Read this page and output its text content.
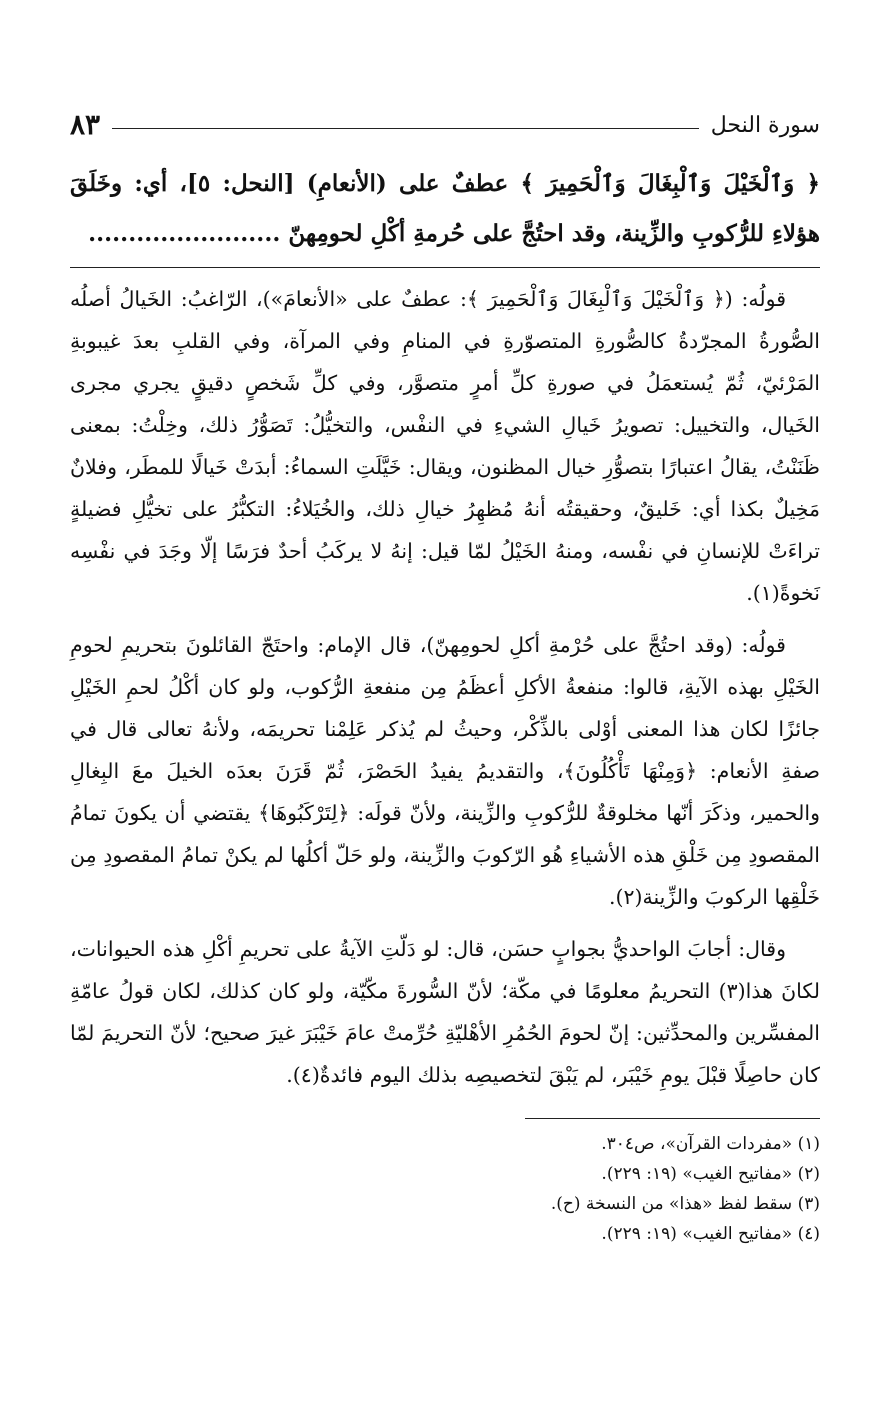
سورة النحل
٨٣
﴿ وَٱلْخَيْلَ وَٱلْبِغَالَ وَٱلْحَمِيرَ ﴾ عطفٌ على (الأنعامِ) [النحل: ٥]، أي: وخَلَقَ هؤلاءِ للرُّكوبِ والزِّينة، وقد احتُجَّ على حُرمةِ أكْلِ لحومِهنّ ........................

قولُه: (﴿ وَٱلْخَيْلَ وَٱلْبِغَالَ وَٱلْحَمِيرَ ﴾: عطفٌ على «الأنعامَ»)، الرّاغبُ: الخَيالُ أصلُه الصُّورةُ المجرّدةُ كالصُّورةِ المتصوّرةِ في المنامِ وفي المرآة، وفي القلبِ بعدَ غيبوبةِ المَرْئيّ، ثُمّ يُستعمَلُ في صورةِ كلِّ أمرٍ متصوَّر، وفي كلِّ شَخصٍ دقيقٍ يجري مجرى الخَيال، والتخييل: تصويرُ خَيالِ الشيءِ في النفْس، والتخيُّلُ: تَصَوُّرُ ذلك، وخِلْتُ: بمعنى ظَنَنْتُ، يقالُ اعتبارًا بتصوُّرِ خيال المظنون، ويقال: خَيَّلَتِ السماءُ: أبدَتْ خَيالًا للمطَر، وفلانٌ مَخِيلٌ بكذا أي: خَليقٌ، وحقيقتُه أنهُ مُظهِرُ خيالِ ذلك، والخُيَلاءُ: التكبُّرُ على تخيُّلِ فضيلةٍ تراءَتْ للإنسانِ في نفْسه، ومنهُ الخَيْلُ لمّا قيل: إنهُ لا يركَبُ أحدٌ فرَسًا إلّا وجَدَ في نفْسِه نَخوةً(١).

قولُه: (وقد احتُجَّ على حُرْمةِ أكلِ لحومِهنّ)، قال الإمام: واحتَجّ القائلونَ بتحريمِ لحومِ الخَيْلِ بهذه الآيةِ، قالوا: منفعةُ الأكلِ أعظَمُ مِن منفعةِ الرُّكوب، ولو كان أكْلُ لحمِ الخَيْلِ جائزًا لكان هذا المعنى أوْلى بالذِّكْر، وحيثُ لم يُذكر عَلِمْنا تحريمَه، ولأنهُ تعالى قال في صفةِ الأنعام: ﴿وَمِنْهَا تَأْكُلُونَ﴾، والتقديمُ يفيدُ الحَصْرَ، ثُمّ قَرَنَ بعدَه الخيلَ معَ البِغالِ والحمير، وذكَرَ أنّها مخلوقةٌ للرُّكوبِ والزِّينة، ولأنّ قولَه: ﴿لِتَرْكَبُوهَا﴾ يقتضي أن يكونَ تمامُ المقصودِ مِن خَلْقِ هذه الأشياءِ هُو الرّكوبَ والزِّينة، ولو حَلّ أكلُها لم يكنْ تمامُ المقصودِ مِن خَلْقِها الركوبَ والزِّينة(٢).

وقال: أجابَ الواحديُّ بجوابٍ حسَن، قال: لو دَلّتِ الآيةُ على تحريمِ أكْلِ هذه الحيوانات، لكانَ هذا(٣) التحريمُ معلومًا في مكّة؛ لأنّ السُّورةَ مكّيّة، ولو كان كذلك، لكان قولُ عامّةِ المفسِّرين والمحدِّثين: إنّ لحومَ الحُمُرِ الأهْليّةِ حُرِّمتْ عامَ خَيْبَرَ غيرَ صحيح؛ لأنّ التحريمَ لمّا كان حاصِلًا قبْلَ يومِ خَيْبَر، لم يَبْقَ لتخصيصِه بذلك اليوم فائدةٌ(٤).

(١) «مفردات القرآن»، ص٣٠٤.
(٢) «مفاتيح الغيب» (١٩: ٢٢٩).
(٣) سقط لفظ «هذا» من النسخة (ح).
(٤) «مفاتيح الغيب» (١٩: ٢٢٩).
